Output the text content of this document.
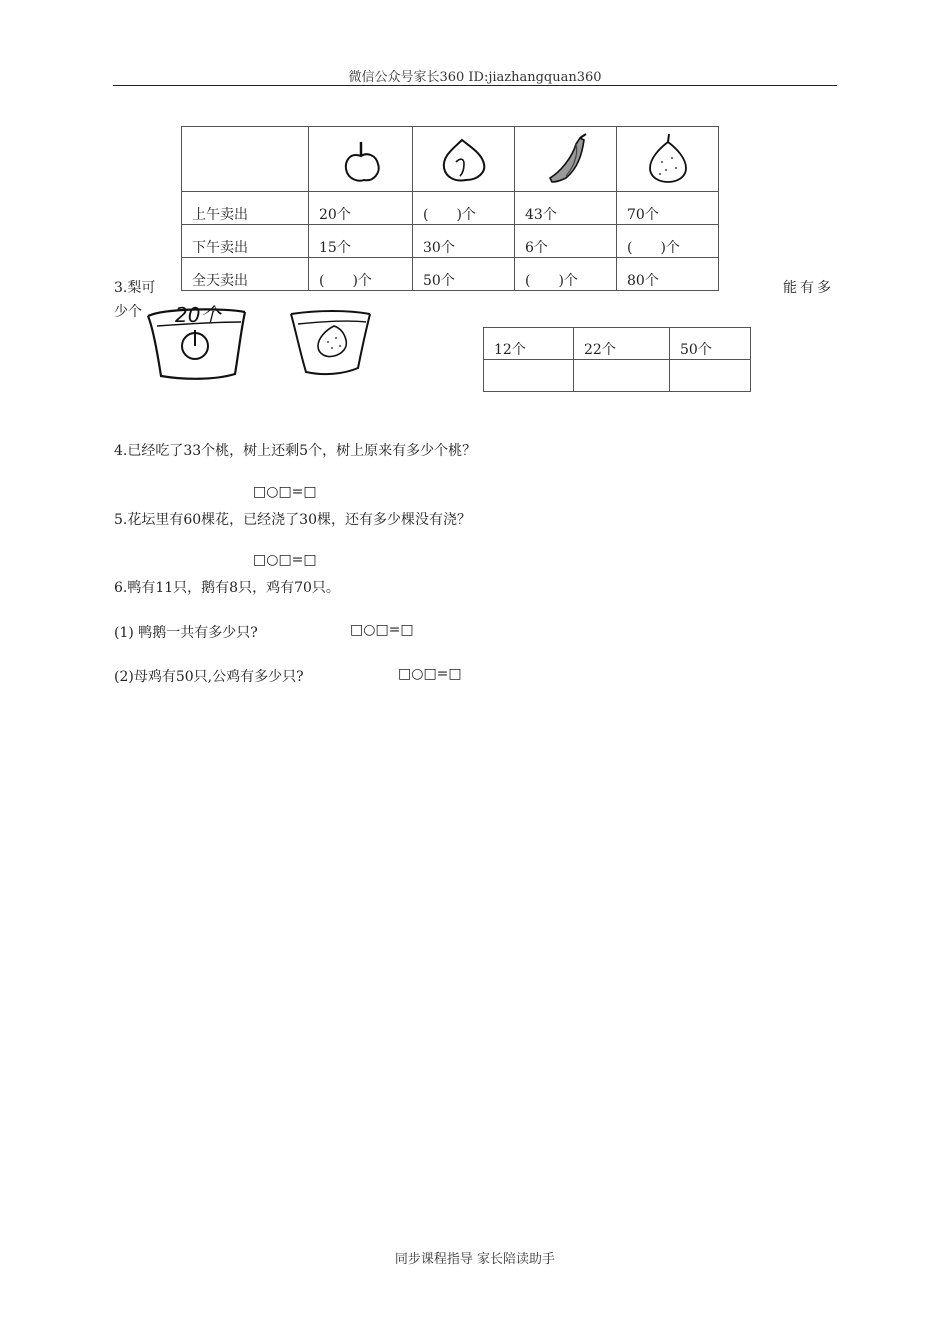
微信公众号家长360 ID:jiazhangquan360

上午卖出	20个	(　　)个	43个	70个
下午卖出	15个	30个	6个	(　　)个
全天卖出	(　　)个	50个	(　　)个	80个
3.梨可	能有多
少个 20个
12个	22个	50个

4.已经吃了33个桃，树上还剩5个，树上原来有多少个桃？
□○□=□
5.花坛里有60棵花，已经浇了30棵，还有多少棵没有浇？
□○□=□
6.鸭有11只，鹅有8只，鸡有70只。
(1) 鸭鹅一共有多少只?	□○□=□
(2)母鸡有50只,公鸡有多少只?	□○□=□
同步课程指导 家长陪读助手
